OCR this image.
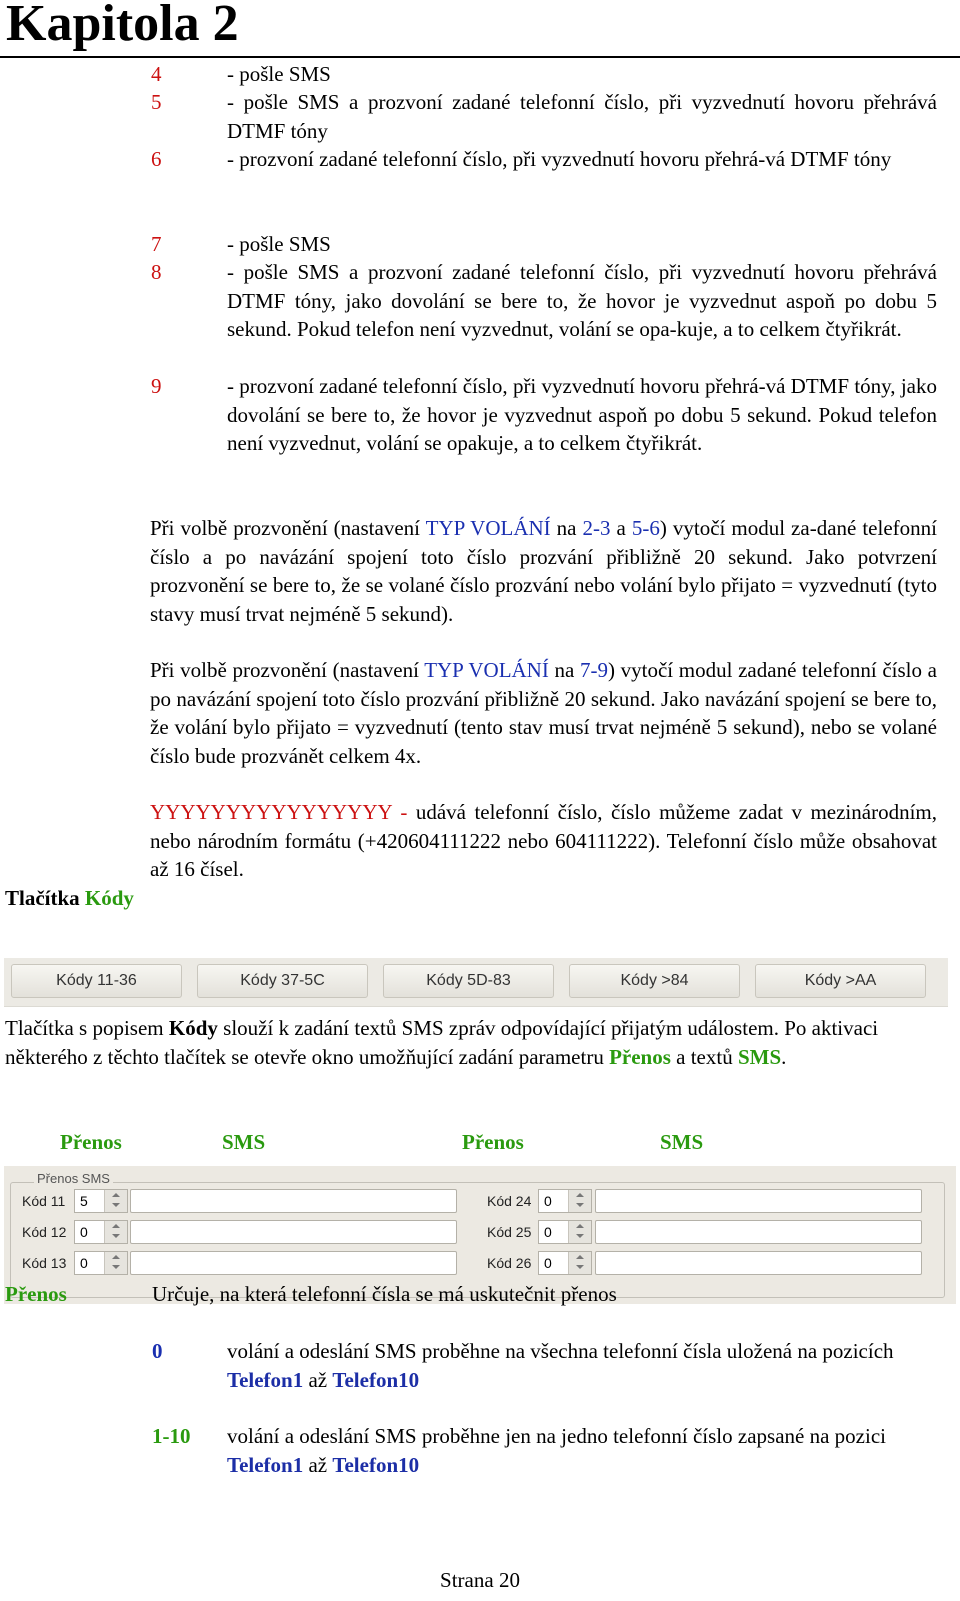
Kapitola 2
4	- pošle SMS
5	- pošle SMS a prozvoní zadané telefonní číslo, při vyzvednutí hovoru přehrává DTMF tóny
6	- prozvoní zadané telefonní číslo, při vyzvednutí hovoru přehrá-vá DTMF tóny
7	- pošle SMS
8	- pošle SMS a prozvoní zadané telefonní číslo, při vyzvednutí hovoru přehrává DTMF tóny, jako dovolání se bere to, že hovor je vyzvednut aspoň po dobu 5 sekund. Pokud telefon není vyzvednut, volání se opa-kuje, a to celkem čtyřikrát.
9	- prozvoní zadané telefonní číslo, při vyzvednutí hovoru přehrá-vá DTMF tóny, jako dovolání se bere to, že hovor je vyzvednut aspoň po dobu 5 sekund. Pokud telefon není vyzvednut, volání se opakuje, a to celkem čtyřikrát.
Při volbě prozvonění (nastavení TYP VOLÁNÍ na 2-3 a 5-6) vytočí modul za-dané telefonní číslo a po navázání spojení toto číslo prozvání přibližně 20 sekund. Jako potvrzení prozvonění se bere to, že se volané číslo prozvání nebo volání bylo přijato = vyzvednutí (tyto stavy musí trvat nejméně 5 sekund).
Při volbě prozvonění (nastavení TYP VOLÁNÍ na 7-9) vytočí modul zadané telefonní číslo a po navázání spojení toto číslo prozvání přibližně 20 sekund. Jako navázání spojení se bere to, že volání bylo přijato = vyzvednutí (tento stav musí trvat nejméně 5 sekund), nebo se volané číslo bude prozvánět celkem 4x.
YYYYYYYYYYYYYYYY - udává telefonní číslo, číslo můžeme zadat v mezinárodním, nebo národním formátu (+420604111222 nebo 604111222). Telefonní číslo může obsahovat až 16 čísel.
Tlačítka Kódy
Kódy 11-36	Kódy 37-5C	Kódy 5D-83	Kódy >84	Kódy >AA
Tlačítka s popisem Kódy slouží k zadání textů SMS zpráv odpovídající přijatým událostem. Po aktivaci některého z těchto tlačítek se otevře okno umožňující zadání parametru Přenos a textů SMS.
Přenos	SMS	Přenos	SMS
Přenos SMS
Kód 11 5
Kód 12 0
Kód 13 0
Kód 24 0
Kód 25 0
Kód 26 0
Přenos	Určuje, na která telefonní čísla se má uskutečnit přenos
0	volání a odeslání SMS proběhne na všechna telefonní čísla uložená na pozicích Telefon1 až Telefon10
1-10 volání a odeslání SMS proběhne jen na jedno telefonní číslo zapsané na pozici Telefon1 až Telefon10
Strana 20
